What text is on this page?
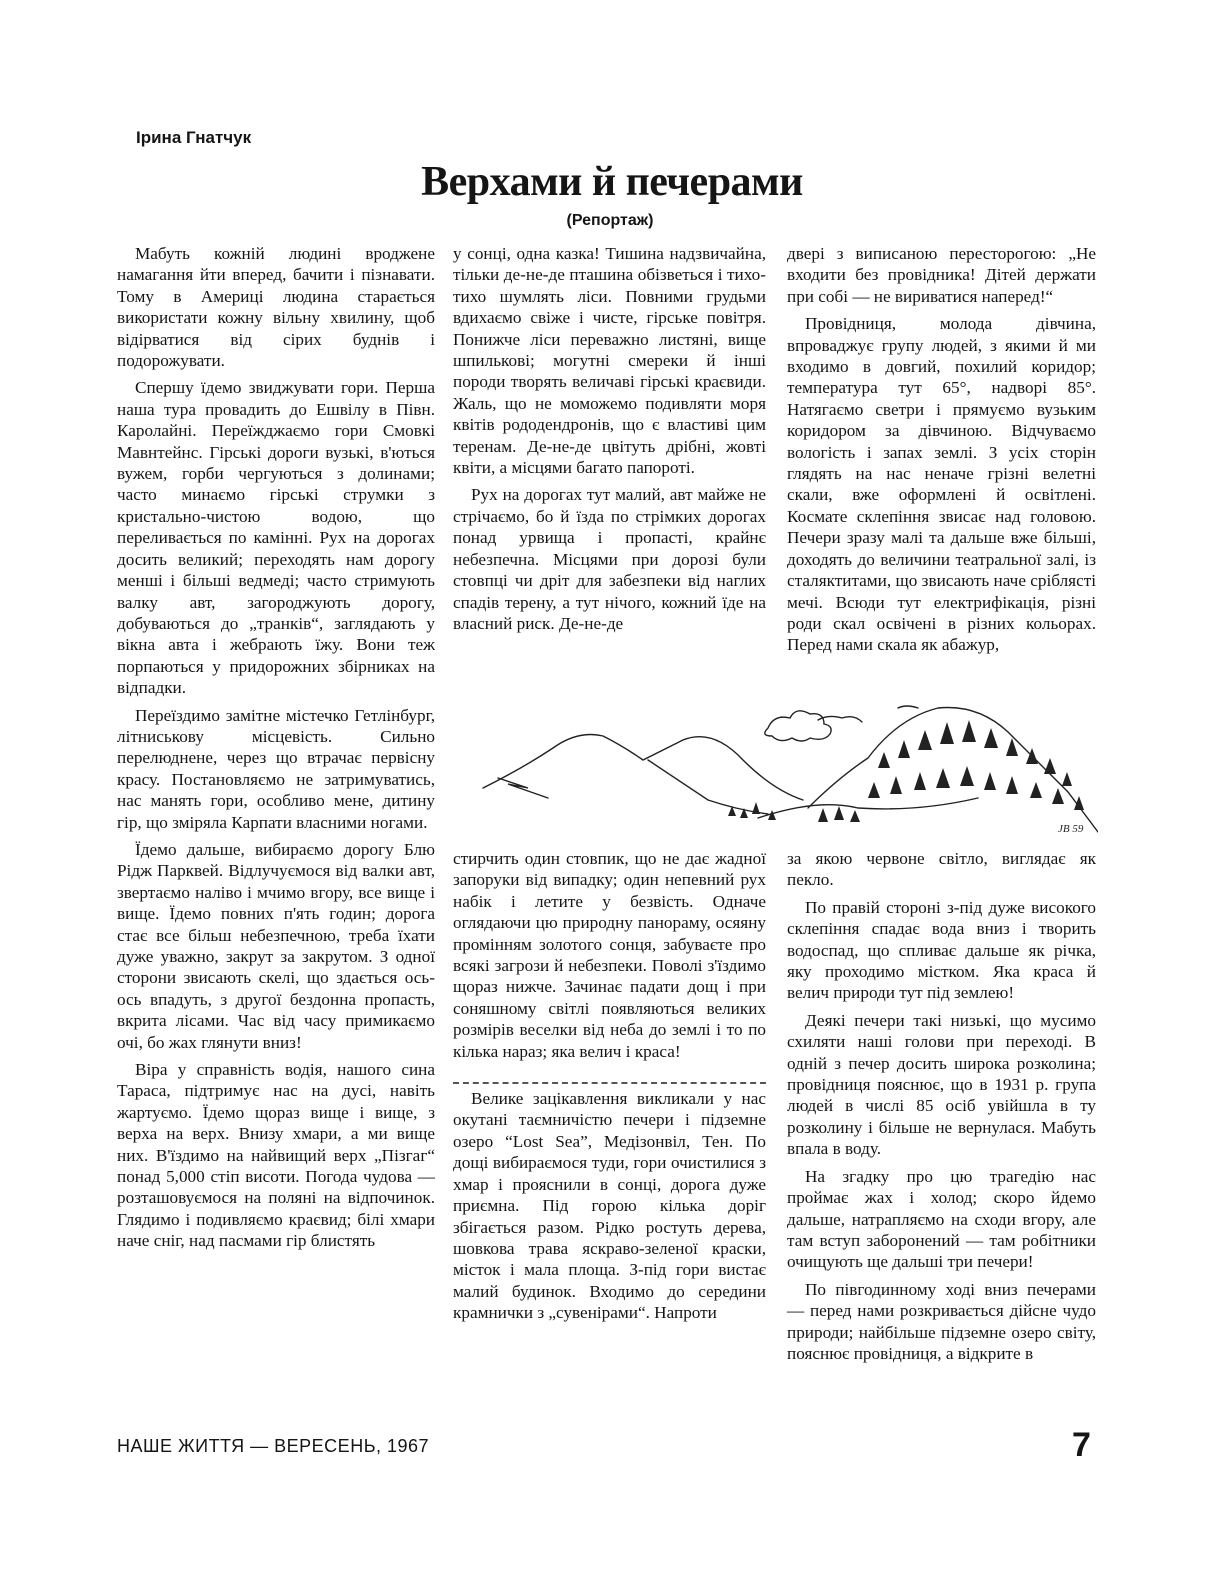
Ірина Гнатчук
Верхами й печерами
(Репортаж)

Мабуть кожній людині вроджене намагання йти вперед, бачити і пізнавати. Тому в Америці людина старається використати кожну вільну хвилину, щоб відірватися від сірих буднів і подорожувати.

Спершу їдемо звиджувати гори. Перша наша тура провадить до Ешвілу в Півн. Каролайні. Переїжджаємо гори Смовкі Мавнтейнс. Гірські дороги вузькі, в'ються вужем, горби чергуються з долинами; часто минаємо гірські струмки з кристально-чистою водою, що переливається по камінні. Рух на дорогах досить великий; переходять нам дорогу менші і більші ведмеді; часто стримують валку авт, загороджують дорогу, добуваються до „транків“, заглядають у вікна авта і жебрають їжу. Вони теж порпаються у придорожних збірниках на відпадки.

Переїздимо замітне містечко Гетлінбург, літниськову місцевість. Сильно перелюднене, через що втрачає первісну красу. Постановляємо не затримуватись, нас манять гори, особливо мене, дитину гір, що зміряла Карпати власними ногами.

Їдемо дальше, вибираємо дорогу Блю Рідж Парквей. Відлучуємося від валки авт, звертаємо наліво і мчимо вгору, все вище і вище. Їдемо повних п'ять годин; дорога стає все більш небезпечною, треба їхати дуже уважно, закрут за закрутом. З одної сторони звисають скелі, що здається ось-ось впадуть, з другої бездонна пропасть, вкрита лісами. Час від часу примикаємо очі, бо жах глянути вниз!

Віра у справність водія, нашого сина Тараса, підтримує нас на дусі, навіть жартуємо. Їдемо щораз вище і вище, з верха на верх. Внизу хмари, а ми вище них. В'їздимо на найвищий верх „Пізгаг“ понад 5,000 стіп висоти. Погода чудова — розташовуємося на поляні на відпочинок. Глядимо і подивляємо краєвид; білі хмари наче сніг, над пасмами гір блистять

у сонці, одна казка! Тишина надзвичайна, тільки де-не-де пташина обізветься і тихо-тихо шумлять ліси. Повними грудьми вдихаємо свіже і чисте, гірське повітря. Понижче ліси переважно листяні, вище шпилькові; могутні смереки й інші породи творять величаві гірські краєвиди. Жаль, що не моможемо подивляти моря квітів рододендронів, що є властиві цим теренам. Де-не-де цвітуть дрібні, жовті квіти, а місцями багато папороті.

Рух на дорогах тут малий, авт майже не стрічаємо, бо й їзда по стрімких дорогах понад урвища і пропасті, крайнє небезпечна. Місцями при дорозі були стовпці чи дріт для забезпеки від наглих спадів терену, а тут нічого, кожний їде на власний риск. Де-не-де

двері з виписаною пересторогою: „Не входити без провідника! Дітей держати при собі — не вириватися наперед!“

Провідниця, молода дівчина, впроваджує групу людей, з якими й ми входимо в довгий, похилий коридор; температура тут 65°, надворі 85°. Натягаємо светри і прямуємо вузьким коридором за дівчиною. Відчуваємо вологість і запах землі. З усіх сторін глядять на нас неначе грізні велетні скали, вже оформлені й освітлені. Космате склепіння звисає над головою. Печери зразу малі та дальше вже більші, доходять до величини театральної залі, із сталяктитами, що звисають наче сріблясті мечі. Всюди тут електрифікація, різні роди скал освічені в різних кольорах. Перед нами скала як абажур,

JB 59

стирчить один стовпик, що не дає жадної запоруки від випадку; один непевний рух набік і летите у безвість. Одначе оглядаючи цю природну панораму, осяяну промінням золотого сонця, забуваєте про всякі загрози й небезпеки. Поволі з'їздимо щораз нижче. Зачинає падати дощ і при соняшному світлі появляються великих розмірів веселки від неба до землі і то по кілька нараз; яка велич і краса!

Велике зацікавлення викликали у нас окутані таємничістю печери і підземне озеро “Lost Sea”, Медізонвіл, Тен. По дощі вибираємося туди, гори очистилися з хмар і прояснили в сонці, дорога дуже приємна. Під горою кілька доріг збігається разом. Рідко ростуть дерева, шовкова трава яскраво-зеленої краски, місток і мала площа. З-під гори вистає малий будинок. Входимо до середини крамнички з „сувенірами“. Напроти

за якою червоне світло, виглядає як пекло.

По правій стороні з-під дуже високого склепіння спадає вода вниз і творить водоспад, що спливає дальше як річка, яку проходимо містком. Яка краса й велич природи тут під землею!

Деякі печери такі низькі, що мусимо схиляти наші голови при переході. В одній з печер досить широка розколина; провідниця пояснює, що в 1931 р. група людей в числі 85 осіб увійшла в ту розколину і більше не вернулася. Мабуть впала в воду.

На згадку про цю трагедію нас проймає жах і холод; скоро йдемо дальше, натрапляємо на сходи вгору, але там вступ заборонений — там робітники очищують ще дальші три печери!

По півгодинному ході вниз печерами — перед нами розкривається дійсне чудо природи; найбільше підземне озеро світу, пояснює провідниця, а відкрите в

НАШЕ ЖИТТЯ — ВЕРЕСЕНЬ, 1967	7
